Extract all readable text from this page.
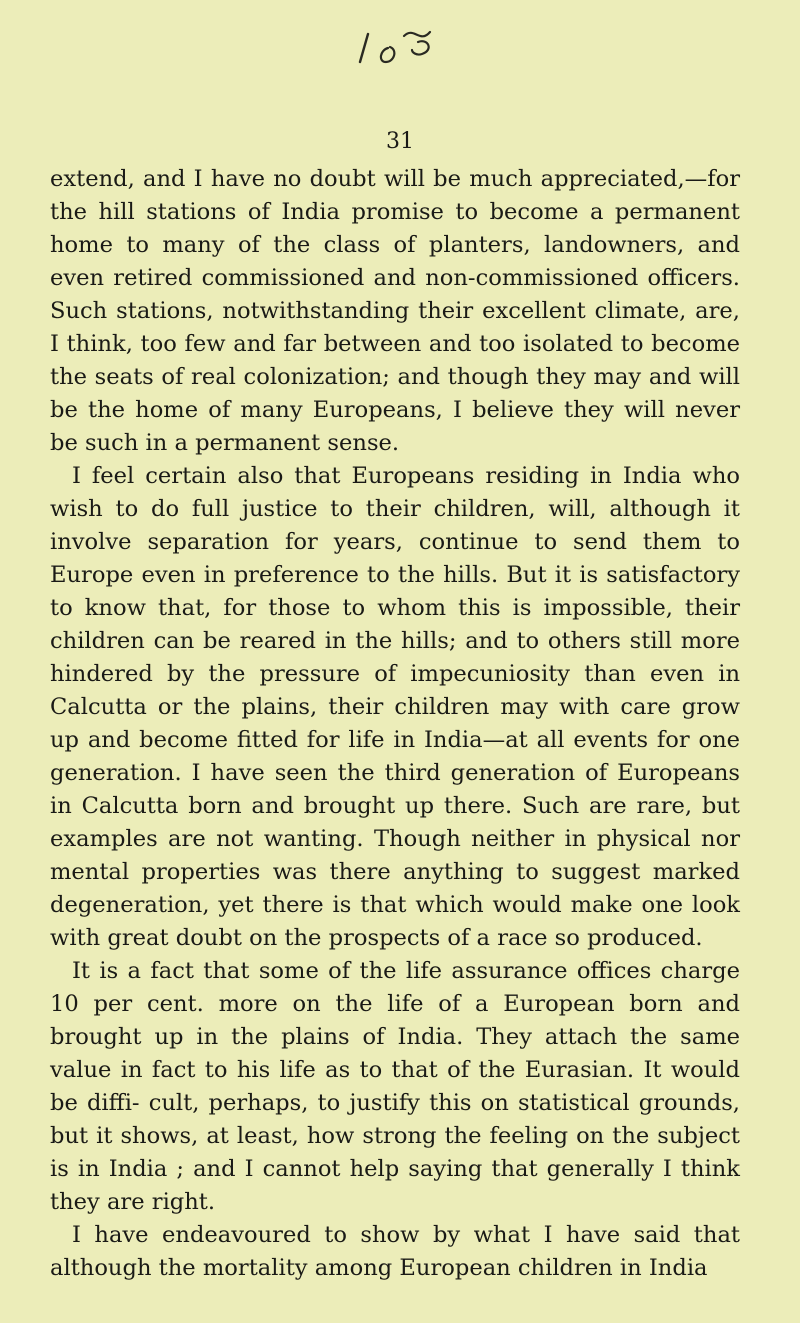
31

extend, and I have no doubt will be much appreciated,—for the hill stations of India promise to become a permanent home to many of the class of planters, landowners, and even retired commissioned and non-commissioned officers. Such stations, notwithstanding their excellent climate, are, I think, too few and far between and too isolated to become the seats of real colonization; and though they may and will be the home of many Europeans, I believe they will never be such in a permanent sense.

I feel certain also that Europeans residing in India who wish to do full justice to their children, will, although it involve separation for years, continue to send them to Europe even in preference to the hills. But it is satisfactory to know that, for those to whom this is impossible, their children can be reared in the hills; and to others still more hindered by the pressure of impecuniosity than even in Calcutta or the plains, their children may with care grow up and become fitted for life in India—at all events for one generation. I have seen the third generation of Europeans in Calcutta born and brought up there. Such are rare, but examples are not wanting. Though neither in physical nor mental properties was there anything to suggest marked degeneration, yet there is that which would make one look with great doubt on the prospects of a race so produced.

It is a fact that some of the life assurance offices charge 10 per cent. more on the life of a European born and brought up in the plains of India. They attach the same value in fact to his life as to that of the Eurasian. It would be diffi- cult, perhaps, to justify this on statistical grounds, but it shows, at least, how strong the feeling on the subject is in India ; and I cannot help saying that generally I think they are right.

I have endeavoured to show by what I have said that although the mortality among European children in India
